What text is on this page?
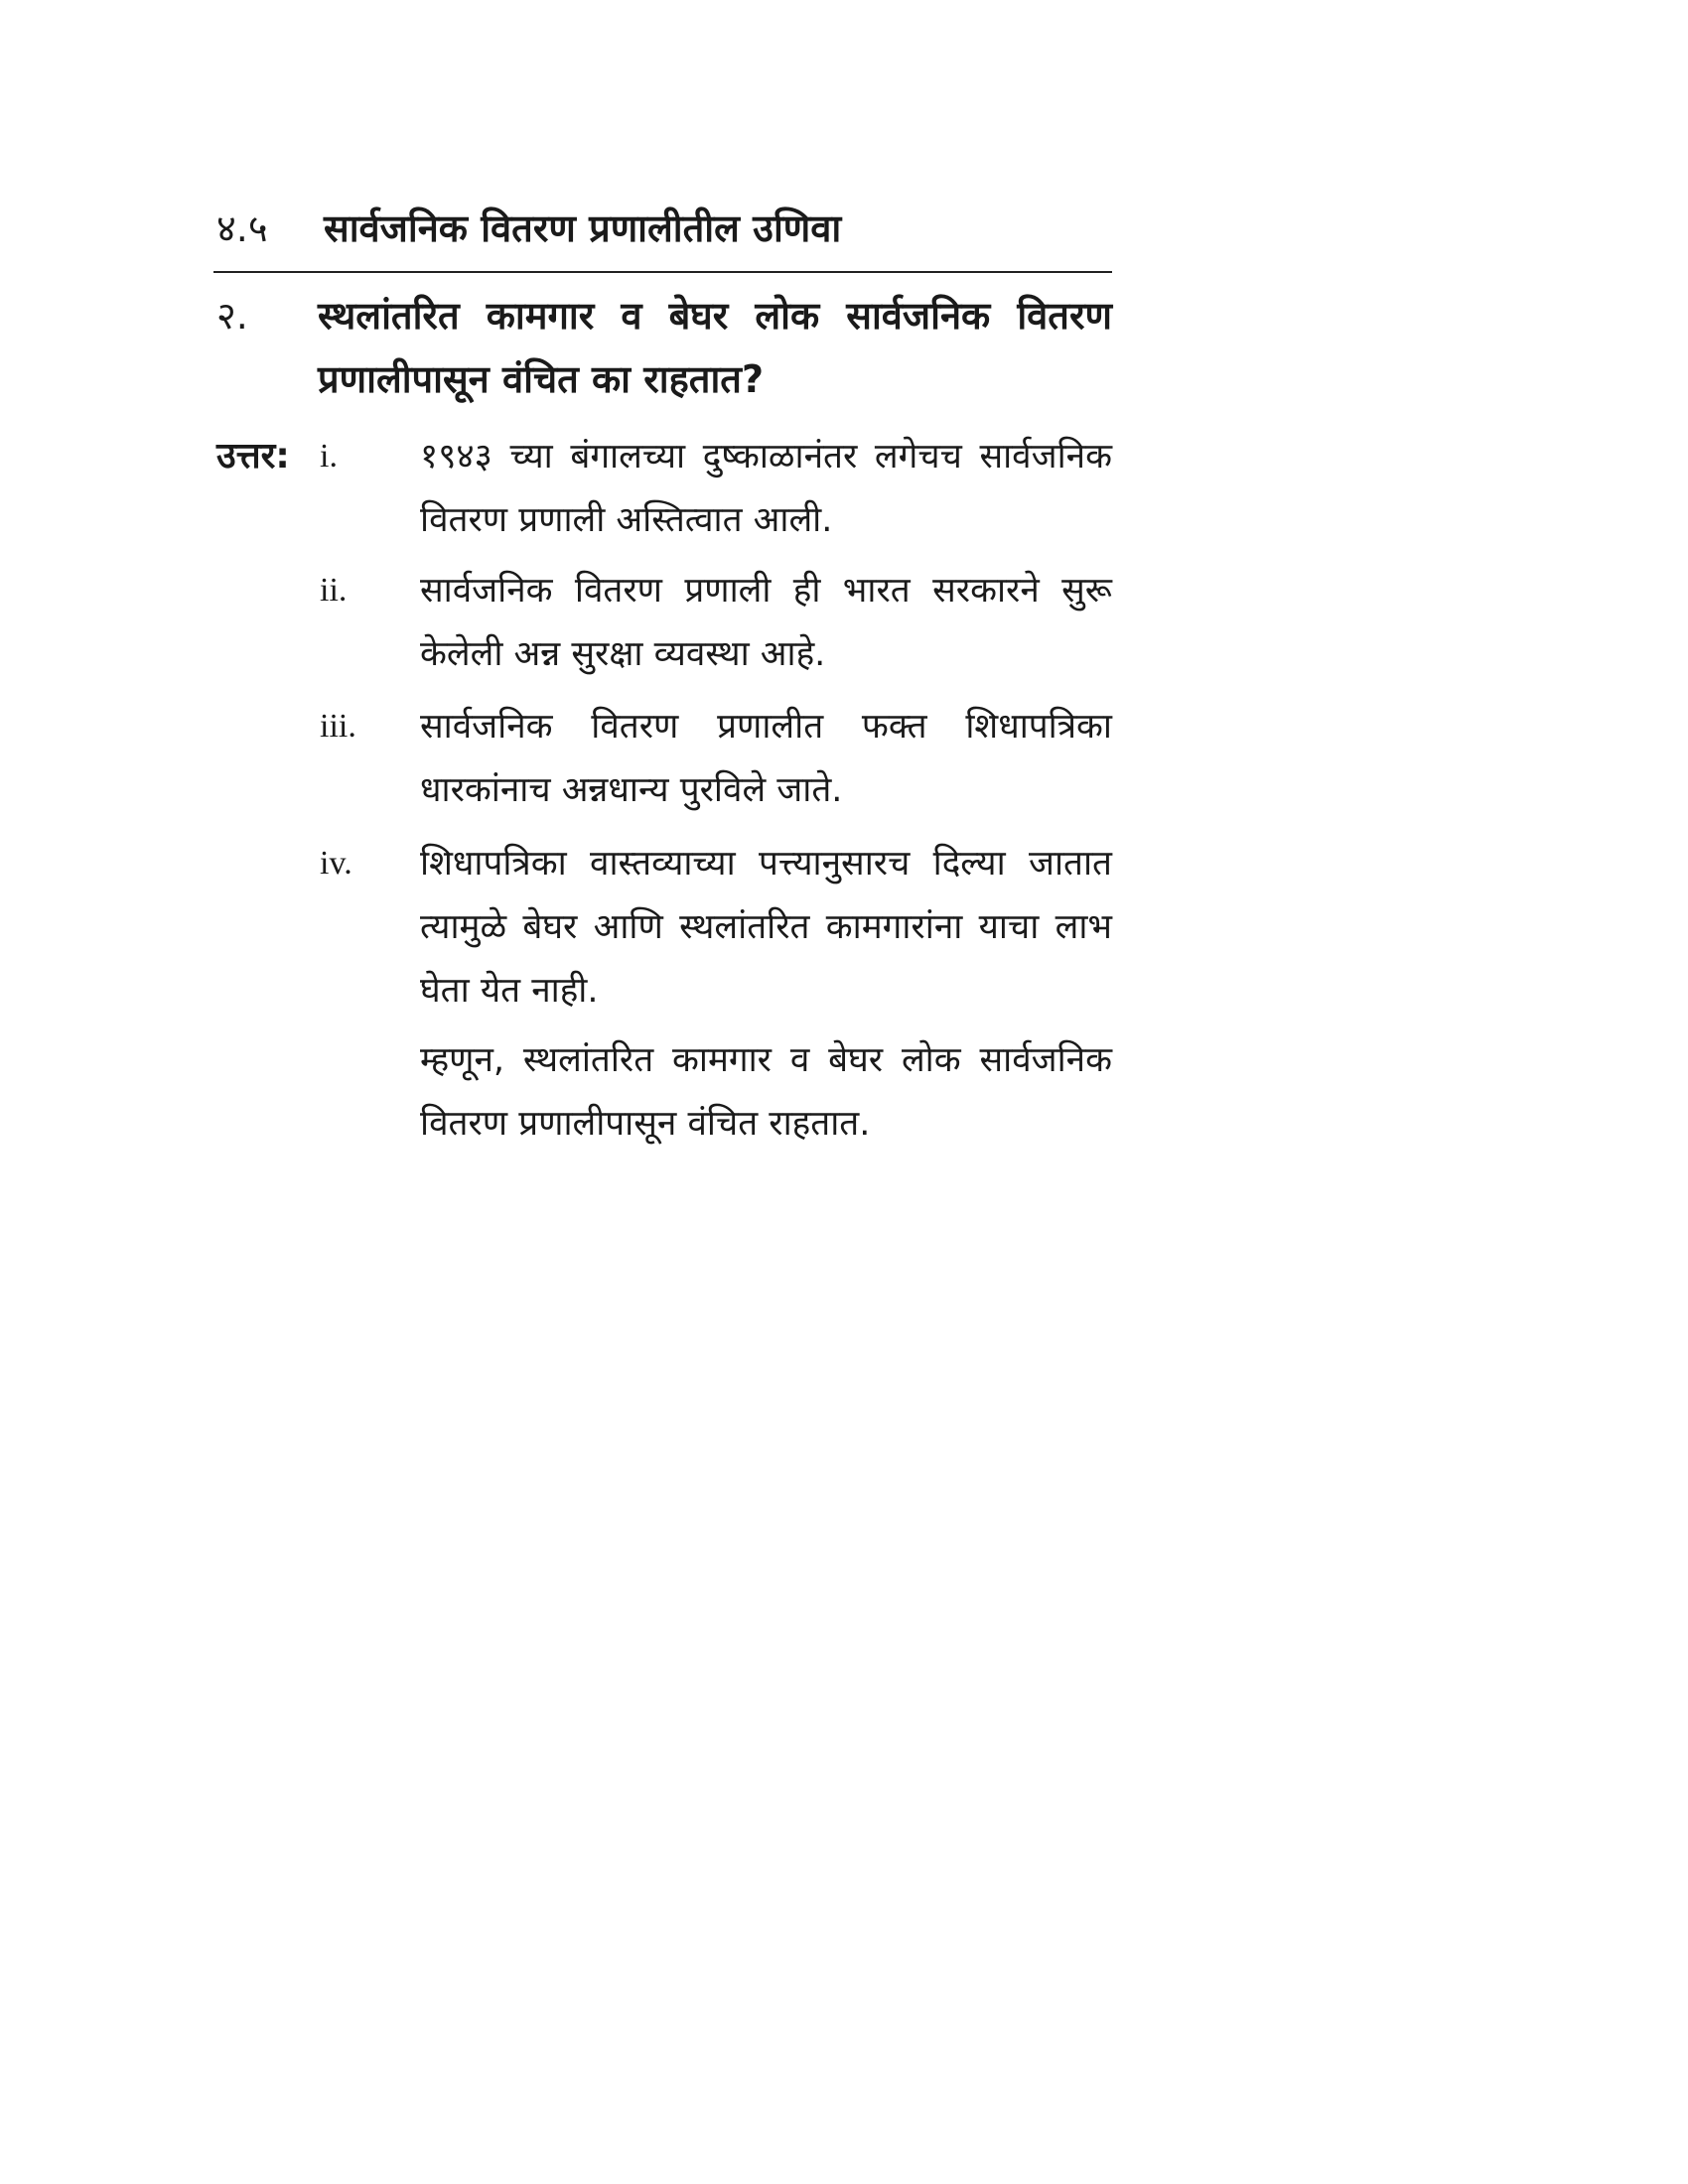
४.५ सार्वजनिक वितरण प्रणालीतील उणिवा
२. स्थलांतरित कामगार व बेघर लोक सार्वजनिक वितरण प्रणालीपासून वंचित का राहतात?
उत्तर: i. १९४३ च्या बंगालच्या दुष्काळानंतर लगेचच सार्वजनिक वितरण प्रणाली अस्तित्वात आली.
ii. सार्वजनिक वितरण प्रणाली ही भारत सरकारने सुरू केलेली अन्न सुरक्षा व्यवस्था आहे.
iii. सार्वजनिक वितरण प्रणालीत फक्त शिधापत्रिका धारकांनाच अन्नधान्य पुरविले जाते.
iv. शिधापत्रिका वास्तव्याच्या पत्त्यानुसारच दिल्या जातात त्यामुळे बेघर आणि स्थलांतरित कामगारांना याचा लाभ घेता येत नाही.
म्हणून, स्थलांतरित कामगार व बेघर लोक सार्वजनिक वितरण प्रणालीपासून वंचित राहतात.
